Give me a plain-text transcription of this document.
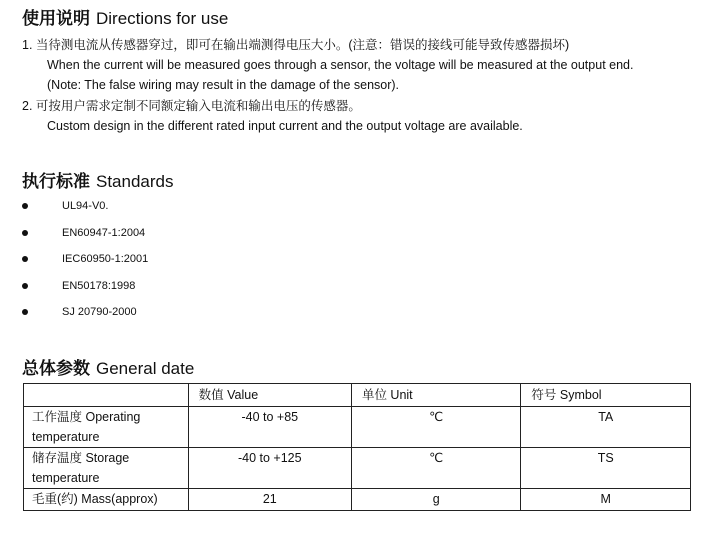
使用说明 Directions for use
1. 当待测电流从传感器穿过，即可在输出端测得电压大小。(注意：错误的接线可能导致传感器损坏)
When the current will be measured goes through a sensor, the voltage will be measured at the output end.
(Note: The false wiring may result in the damage of the sensor).
2. 可按用户需求定制不同额定输入电流和输出电压的传感器。
Custom design in the different rated input current and the output voltage are available.
执行标准 Standards
UL94-V0.
EN60947-1:2004
IEC60950-1:2001
EN50178:1998
SJ 20790-2000
总体参数 General date
	数值 Value	单位 Unit	符号 Symbol

工作温度 Operating
temperature	-40 to +85	℃	TA

储存温度 Storage
temperature	-40 to +125	℃	TS

毛重(约) Mass(approx)	21	g	M
